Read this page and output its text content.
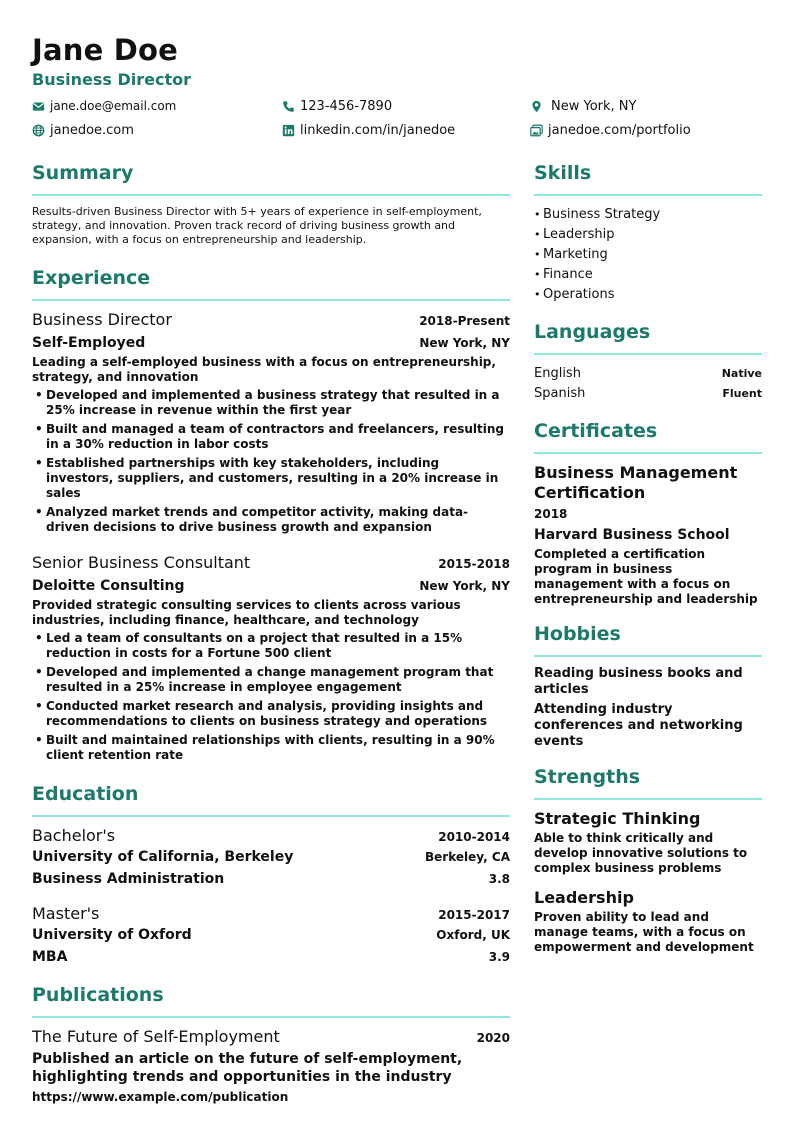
Jane Doe
Business Director
jane.doe@email.com	123-456-7890	New York, NY
janedoe.com	linkedin.com/in/janedoe	janedoe.com/portfolio
Summary
Results-driven Business Director with 5+ years of experience in self-employment, strategy, and innovation. Proven track record of driving business growth and expansion, with a focus on entrepreneurship and leadership.
Experience
Business Director	2018-Present
Self-Employed	New York, NY
Leading a self-employed business with a focus on entrepreneurship, strategy, and innovation
• Developed and implemented a business strategy that resulted in a 25% increase in revenue within the first year
• Built and managed a team of contractors and freelancers, resulting in a 30% reduction in labor costs
• Established partnerships with key stakeholders, including investors, suppliers, and customers, resulting in a 20% increase in sales
• Analyzed market trends and competitor activity, making data-driven decisions to drive business growth and expansion
Senior Business Consultant	2015-2018
Deloitte Consulting	New York, NY
Provided strategic consulting services to clients across various industries, including finance, healthcare, and technology
• Led a team of consultants on a project that resulted in a 15% reduction in costs for a Fortune 500 client
• Developed and implemented a change management program that resulted in a 25% increase in employee engagement
• Conducted market research and analysis, providing insights and recommendations to clients on business strategy and operations
• Built and maintained relationships with clients, resulting in a 90% client retention rate
Education
Bachelor's	2010-2014
University of California, Berkeley	Berkeley, CA
Business Administration	3.8
Master's	2015-2017
University of Oxford	Oxford, UK
MBA	3.9
Publications
The Future of Self-Employment	2020
Published an article on the future of self-employment, highlighting trends and opportunities in the industry
https://www.example.com/publication
Skills
• Business Strategy
• Leadership
• Marketing
• Finance
• Operations
Languages
English	Native
Spanish	Fluent
Certificates
Business Management Certification
2018
Harvard Business School
Completed a certification program in business management with a focus on entrepreneurship and leadership
Hobbies
Reading business books and articles
Attending industry conferences and networking events
Strengths
Strategic Thinking
Able to think critically and develop innovative solutions to complex business problems
Leadership
Proven ability to lead and manage teams, with a focus on empowerment and development
